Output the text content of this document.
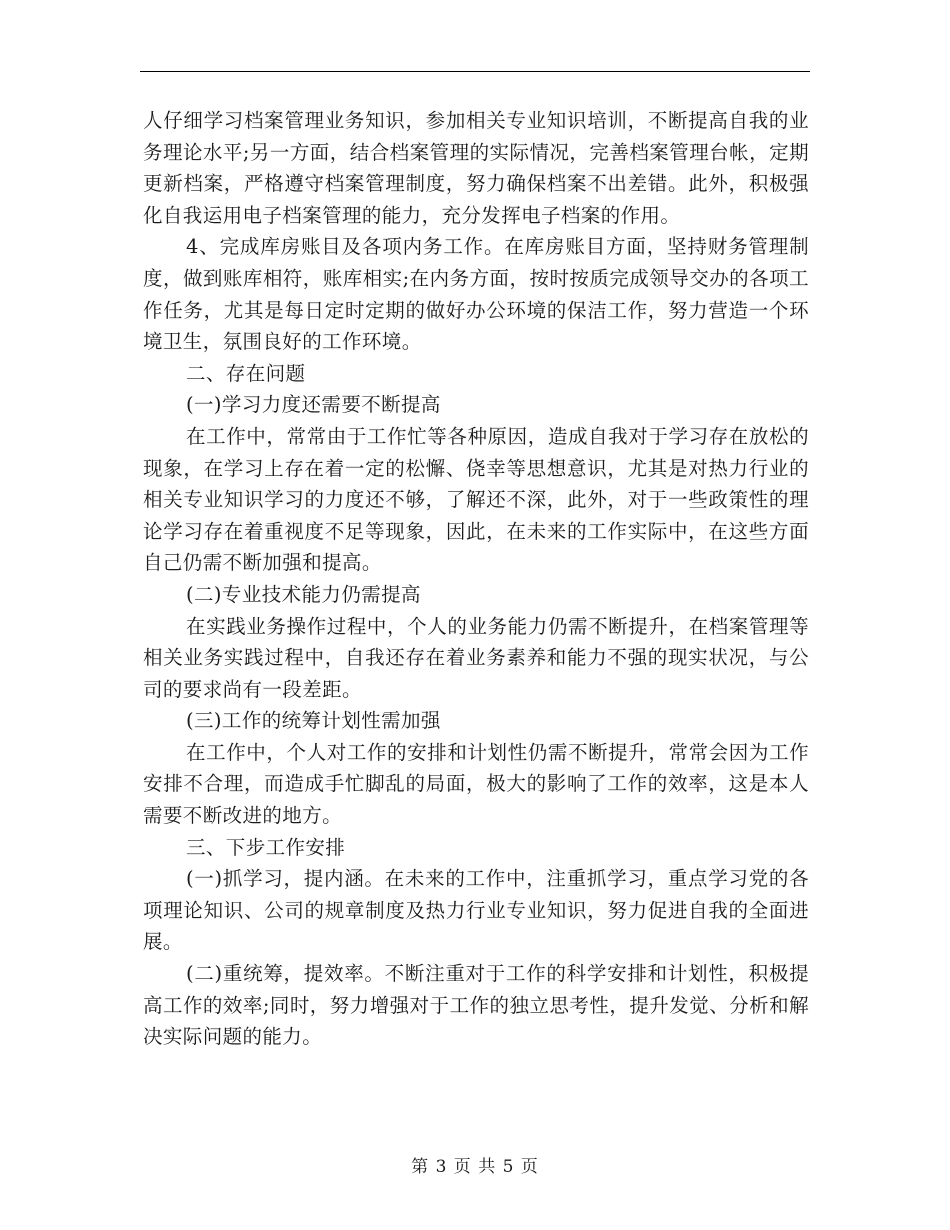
人仔细学习档案管理业务知识，参加相关专业知识培训，不断提高自我的业务理论水平;另一方面，结合档案管理的实际情况，完善档案管理台帐，定期更新档案，严格遵守档案管理制度，努力确保档案不出差错。此外，积极强化自我运用电子档案管理的能力，充分发挥电子档案的作用。

4、完成库房账目及各项内务工作。在库房账目方面，坚持财务管理制度，做到账库相符，账库相实;在内务方面，按时按质完成领导交办的各项工作任务，尤其是每日定时定期的做好办公环境的保洁工作，努力营造一个环境卫生，氛围良好的工作环境。

二、存在问题

(一)学习力度还需要不断提高

在工作中，常常由于工作忙等各种原因，造成自我对于学习存在放松的现象，在学习上存在着一定的松懈、侥幸等思想意识，尤其是对热力行业的相关专业知识学习的力度还不够，了解还不深，此外，对于一些政策性的理论学习存在着重视度不足等现象，因此，在未来的工作实际中，在这些方面自己仍需不断加强和提高。

(二)专业技术能力仍需提高

在实践业务操作过程中，个人的业务能力仍需不断提升，在档案管理等相关业务实践过程中，自我还存在着业务素养和能力不强的现实状况，与公司的要求尚有一段差距。

(三)工作的统筹计划性需加强

在工作中，个人对工作的安排和计划性仍需不断提升，常常会因为工作安排不合理，而造成手忙脚乱的局面，极大的影响了工作的效率，这是本人需要不断改进的地方。

三、下步工作安排

(一)抓学习，提内涵。在未来的工作中，注重抓学习，重点学习党的各项理论知识、公司的规章制度及热力行业专业知识，努力促进自我的全面进展。

(二)重统筹，提效率。不断注重对于工作的科学安排和计划性，积极提高工作的效率;同时，努力增强对于工作的独立思考性，提升发觉、分析和解决实际问题的能力。

第 3 页 共 5 页
